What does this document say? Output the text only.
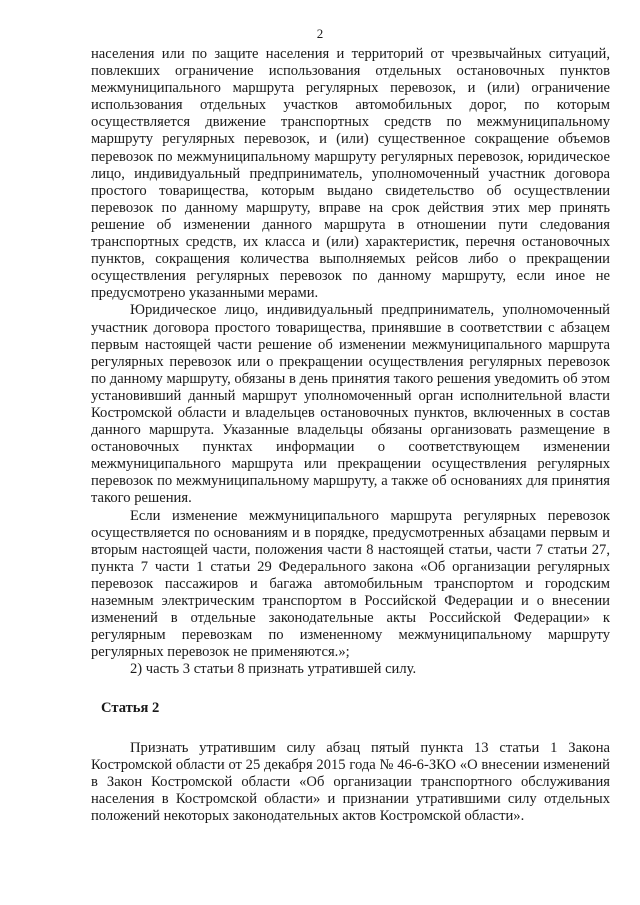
2

населения или по защите населения и территорий от чрезвычайных ситуаций, повлекших ограничение использования отдельных остановочных пунктов межмуниципального маршрута регулярных перевозок, и (или) ограничение использования отдельных участков автомобильных дорог, по которым осуществляется движение транспортных средств по межмуниципальному маршруту регулярных перевозок, и (или) существенное сокращение объемов перевозок по межмуниципальному маршруту регулярных перевозок, юридическое лицо, индивидуальный предприниматель, уполномоченный участник договора простого товарищества, которым выдано свидетельство об осуществлении перевозок по данному маршруту, вправе на срок действия этих мер принять решение об изменении данного маршрута в отношении пути следования транспортных средств, их класса и (или) характеристик, перечня остановочных пунктов, сокращения количества выполняемых рейсов либо о прекращении осуществления регулярных перевозок по данному маршруту, если иное не предусмотрено указанными мерами.

Юридическое лицо, индивидуальный предприниматель, уполномоченный участник договора простого товарищества, принявшие в соответствии с абзацем первым настоящей части решение об изменении межмуниципального маршрута регулярных перевозок или о прекращении осуществления регулярных перевозок по данному маршруту, обязаны в день принятия такого решения уведомить об этом установивший данный маршрут уполномоченный орган исполнительной власти Костромской области и владельцев остановочных пунктов, включенных в состав данного маршрута. Указанные владельцы обязаны организовать размещение в остановочных пунктах информации о соответствующем изменении межмуниципального маршрута или прекращении осуществления регулярных перевозок по межмуниципальному маршруту, а также об основаниях для принятия такого решения.

Если изменение межмуниципального маршрута регулярных перевозок осуществляется по основаниям и в порядке, предусмотренных абзацами первым и вторым настоящей части, положения части 8 настоящей статьи, части 7 статьи 27, пункта 7 части 1 статьи 29 Федерального закона «Об организации регулярных перевозок пассажиров и багажа автомобильным транспортом и городским наземным электрическим транспортом в Российской Федерации и о внесении изменений в отдельные законодательные акты Российской Федерации» к регулярным перевозкам по измененному межмуниципальному маршруту регулярных перевозок не применяются.»;

2) часть 3 статьи 8 признать утратившей силу.

Статья 2

Признать утратившим силу абзац пятый пункта 13 статьи 1 Закона Костромской области от 25 декабря 2015 года № 46-6-ЗКО «О внесении изменений в Закон Костромской области «Об организации транспортного обслуживания населения в Костромской области» и признании утратившими силу отдельных положений некоторых законодательных актов Костромской области».
